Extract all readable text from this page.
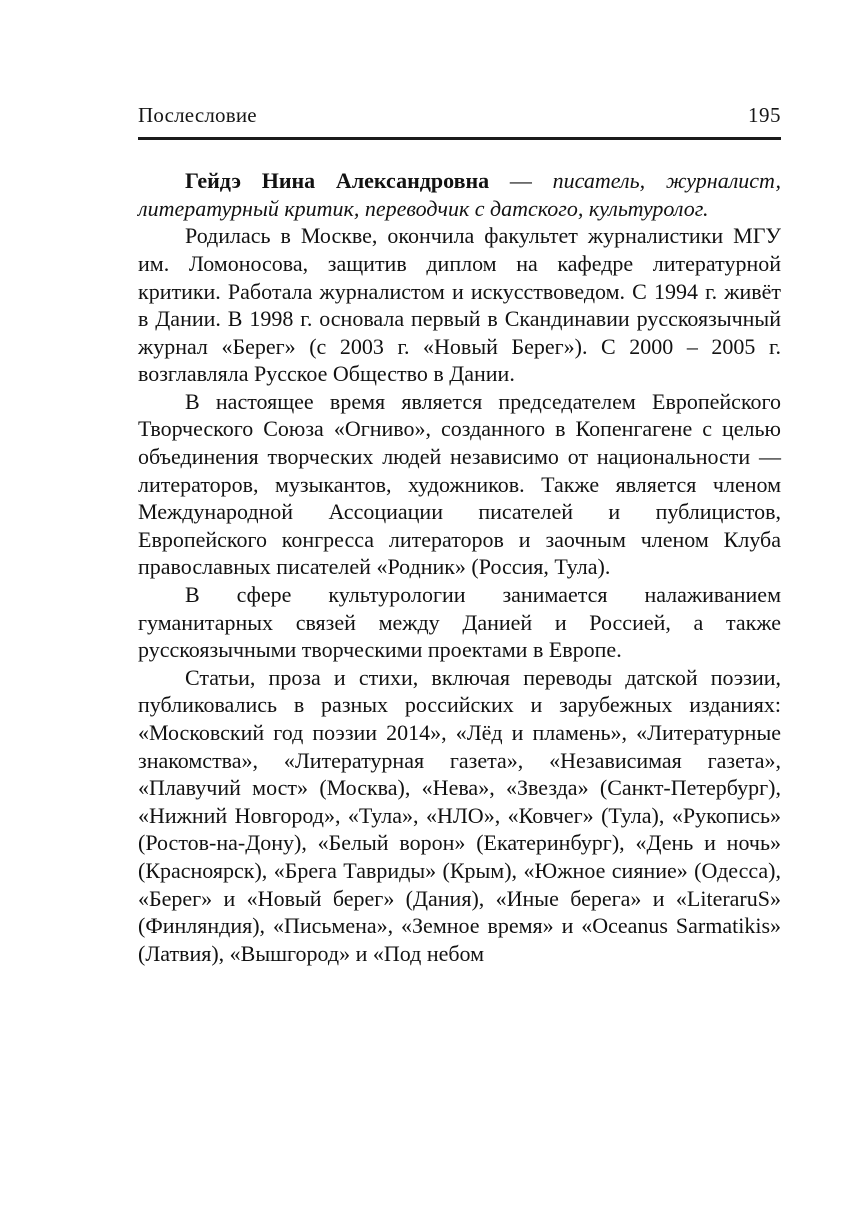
Послесловие	195

Гейдэ Нина Александровна — писатель, журналист, литературный критик, переводчик с датского, культуролог.

Родилась в Москве, окончила факультет журналистики МГУ им. Ломоносова, защитив диплом на кафедре литературной критики. Работала журналистом и искусствоведом. С 1994 г. живёт в Дании. В 1998 г. основала первый в Скандинавии русскоязычный журнал «Берег» (с 2003 г. «Новый Берег»). С 2000 – 2005 г. возглавляла Русское Общество в Дании.

В настоящее время является председателем Европейского Творческого Союза «Огниво», созданного в Копенгагене с целью объединения творческих людей независимо от национальности — литераторов, музыкантов, художников. Также является членом Международной Ассоциации писателей и публицистов, Европейского конгресса литераторов и заочным членом Клуба православных писателей «Родник» (Россия, Тула).

В сфере культурологии занимается налаживанием гуманитарных связей между Данией и Россией, а также русскоязычными творческими проектами в Европе.

Статьи, проза и стихи, включая переводы датской поэзии, публиковались в разных российских и зарубежных изданиях: «Московский год поэзии 2014», «Лёд и пламень», «Литературные знакомства», «Литературная газета», «Независимая газета», «Плавучий мост» (Москва), «Нева», «Звезда» (Санкт-Петербург), «Нижний Новгород», «Тула», «НЛО», «Ковчег» (Тула), «Рукопись» (Ростов-на-Дону), «Белый ворон» (Екатеринбург), «День и ночь» (Красноярск), «Брега Тавриды» (Крым), «Южное сияние» (Одесса), «Берег» и «Новый берег» (Дания), «Иные берега» и «LiteraruS» (Финляндия), «Письмена», «Земное время» и «Oceanus Sarmatikis» (Латвия), «Вышгород» и «Под небом
